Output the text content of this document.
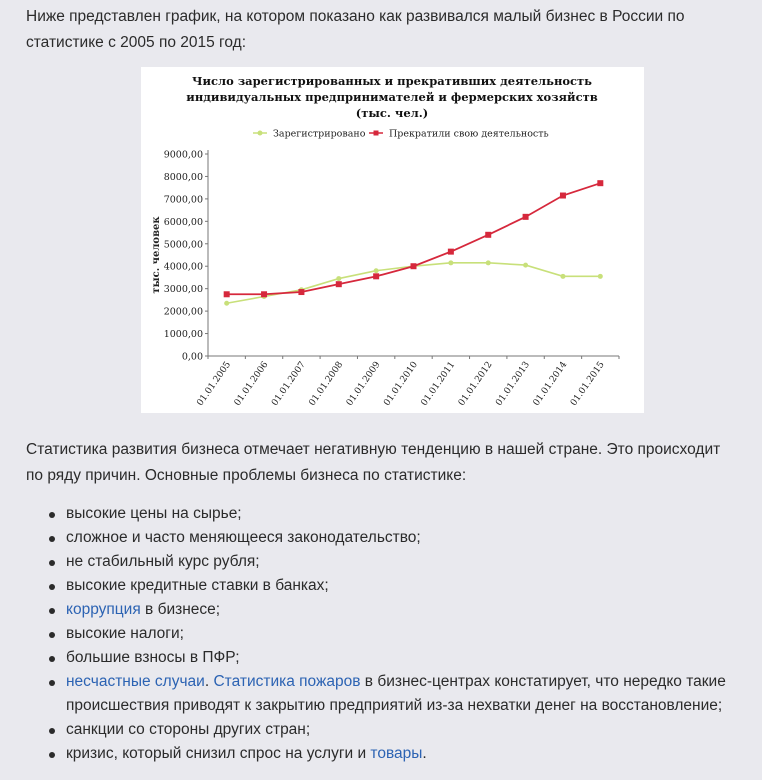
Ниже представлен график, на котором показано как развивался малый бизнес в России по статистике с 2005 по 2015 год:

Число зарегистрированных и прекративших деятельность
индивидуальных предпринимателей и фермерских хозяйств
(тыс. чел.)
Зарегистрировано Прекратили свою деятельность
0,00
1000,00
2000,00
3000,00
4000,00
5000,00
6000,00
7000,00
8000,00
9000,00
01.01.2005 01.01.2006 01.01.2007 01.01.2008 01.01.2009 01.01.2010 01.01.2011 01.01.2012 01.01.2013 01.01.2014 01.01.2015
тыс. человек

Статистика развития бизнеса отмечает негативную тенденцию в нашей стране. Это происходит по ряду причин. Основные проблемы бизнеса по статистике:

высокие цены на сырье;
сложное и часто меняющееся законодательство;
не стабильный курс рубля;
высокие кредитные ставки в банках;
коррупция в бизнесе;
высокие налоги;
большие взносы в ПФР;
несчастные случаи. Статистика пожаров в бизнес-центрах констатирует, что нередко такие происшествия приводят к закрытию предприятий из-за нехватки денег на восстановление;
санкции со стороны других стран;
кризис, который снизил спрос на услуги и товары.
